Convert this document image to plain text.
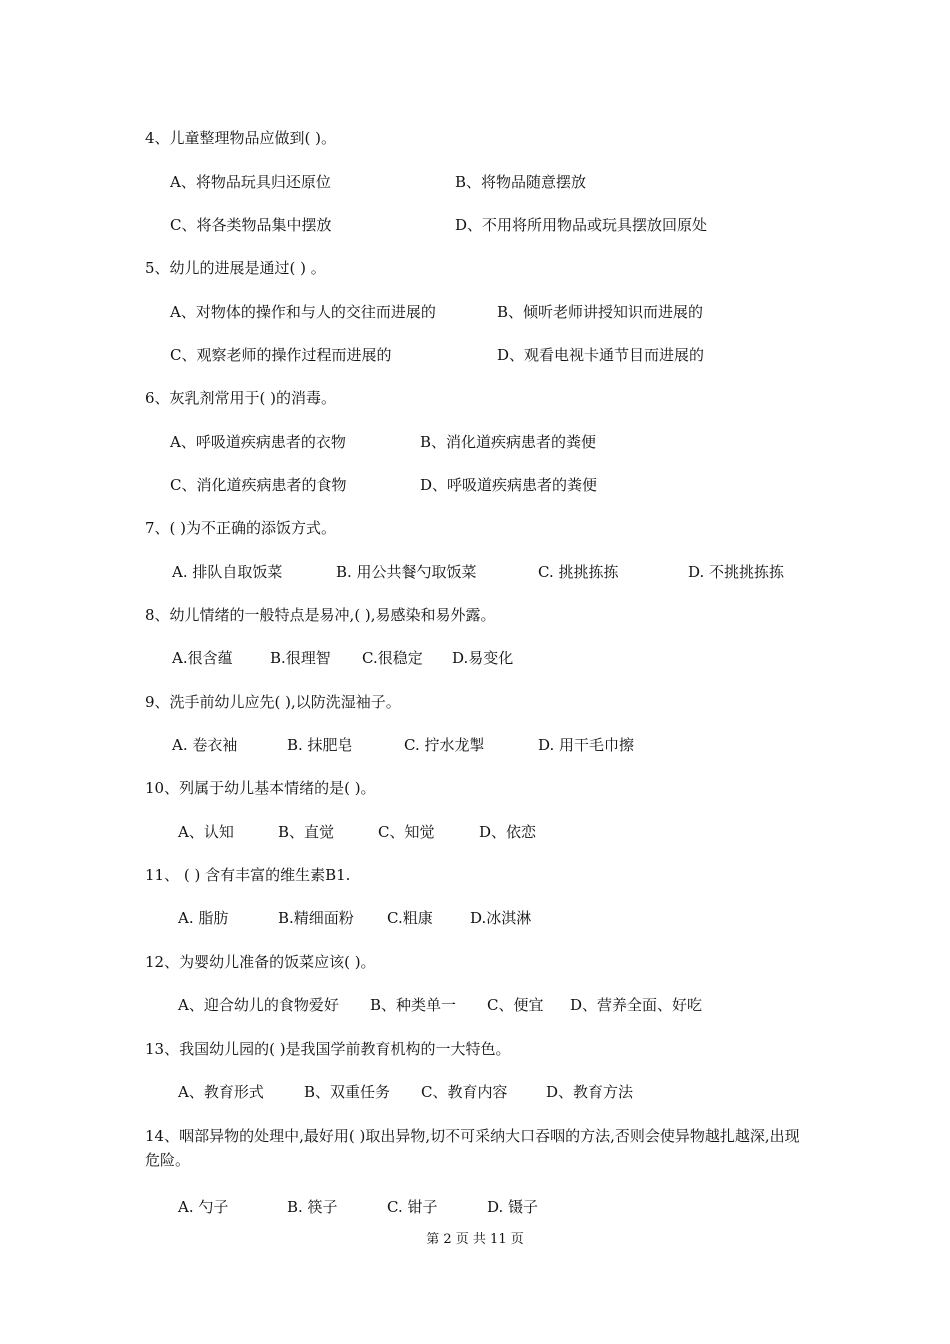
4、儿童整理物品应做到( )。
A、将物品玩具归还原位	B、将物品随意摆放
C、将各类物品集中摆放	D、不用将所用物品或玩具摆放回原处
5、幼儿的进展是通过( ) 。
A、对物体的操作和与人的交往而进展的	B、倾听老师讲授知识而进展的
C、观察老师的操作过程而进展的	D、观看电视卡通节目而进展的
6、灰乳剂常用于( )的消毒。
A、呼吸道疾病患者的衣物	B、消化道疾病患者的粪便
C、消化道疾病患者的食物	D、呼吸道疾病患者的粪便
7、( )为不正确的添饭方式。
A. 排队自取饭菜	B. 用公共餐勺取饭菜	C. 挑挑拣拣	D. 不挑挑拣拣
8、幼儿情绪的一般特点是易冲,( ),易感染和易外露。
A.很含蕴 B.很理智 C.很稳定 D.易变化
9、洗手前幼儿应先( ),以防洗湿袖子。
A. 卷衣袖	B. 抹肥皂	C. 拧水龙掣	D. 用干毛巾擦
10、列属于幼儿基本情绪的是( )。
A、认知	B、直觉	C、知觉	D、依恋
11、 ( ) 含有丰富的维生素B1.
A. 脂肪	B.精细面粉 C.粗康 D.冰淇淋
12、为婴幼儿准备的饭菜应该( )。
A、迎合幼儿的食物爱好 B、种类单一 C、便宜 D、营养全面、好吃
13、我国幼儿园的( )是我国学前教育机构的一大特色。
A、教育形式	B、双重任务 C、教育内容	D、教育方法
14、咽部异物的处理中,最好用( )取出异物,切不可采纳大口吞咽的方法,否则会使异物越扎越深,出现危险。
A. 勺子	B. 筷子	C. 钳子	D. 镊子
第 2 页 共 11 页
